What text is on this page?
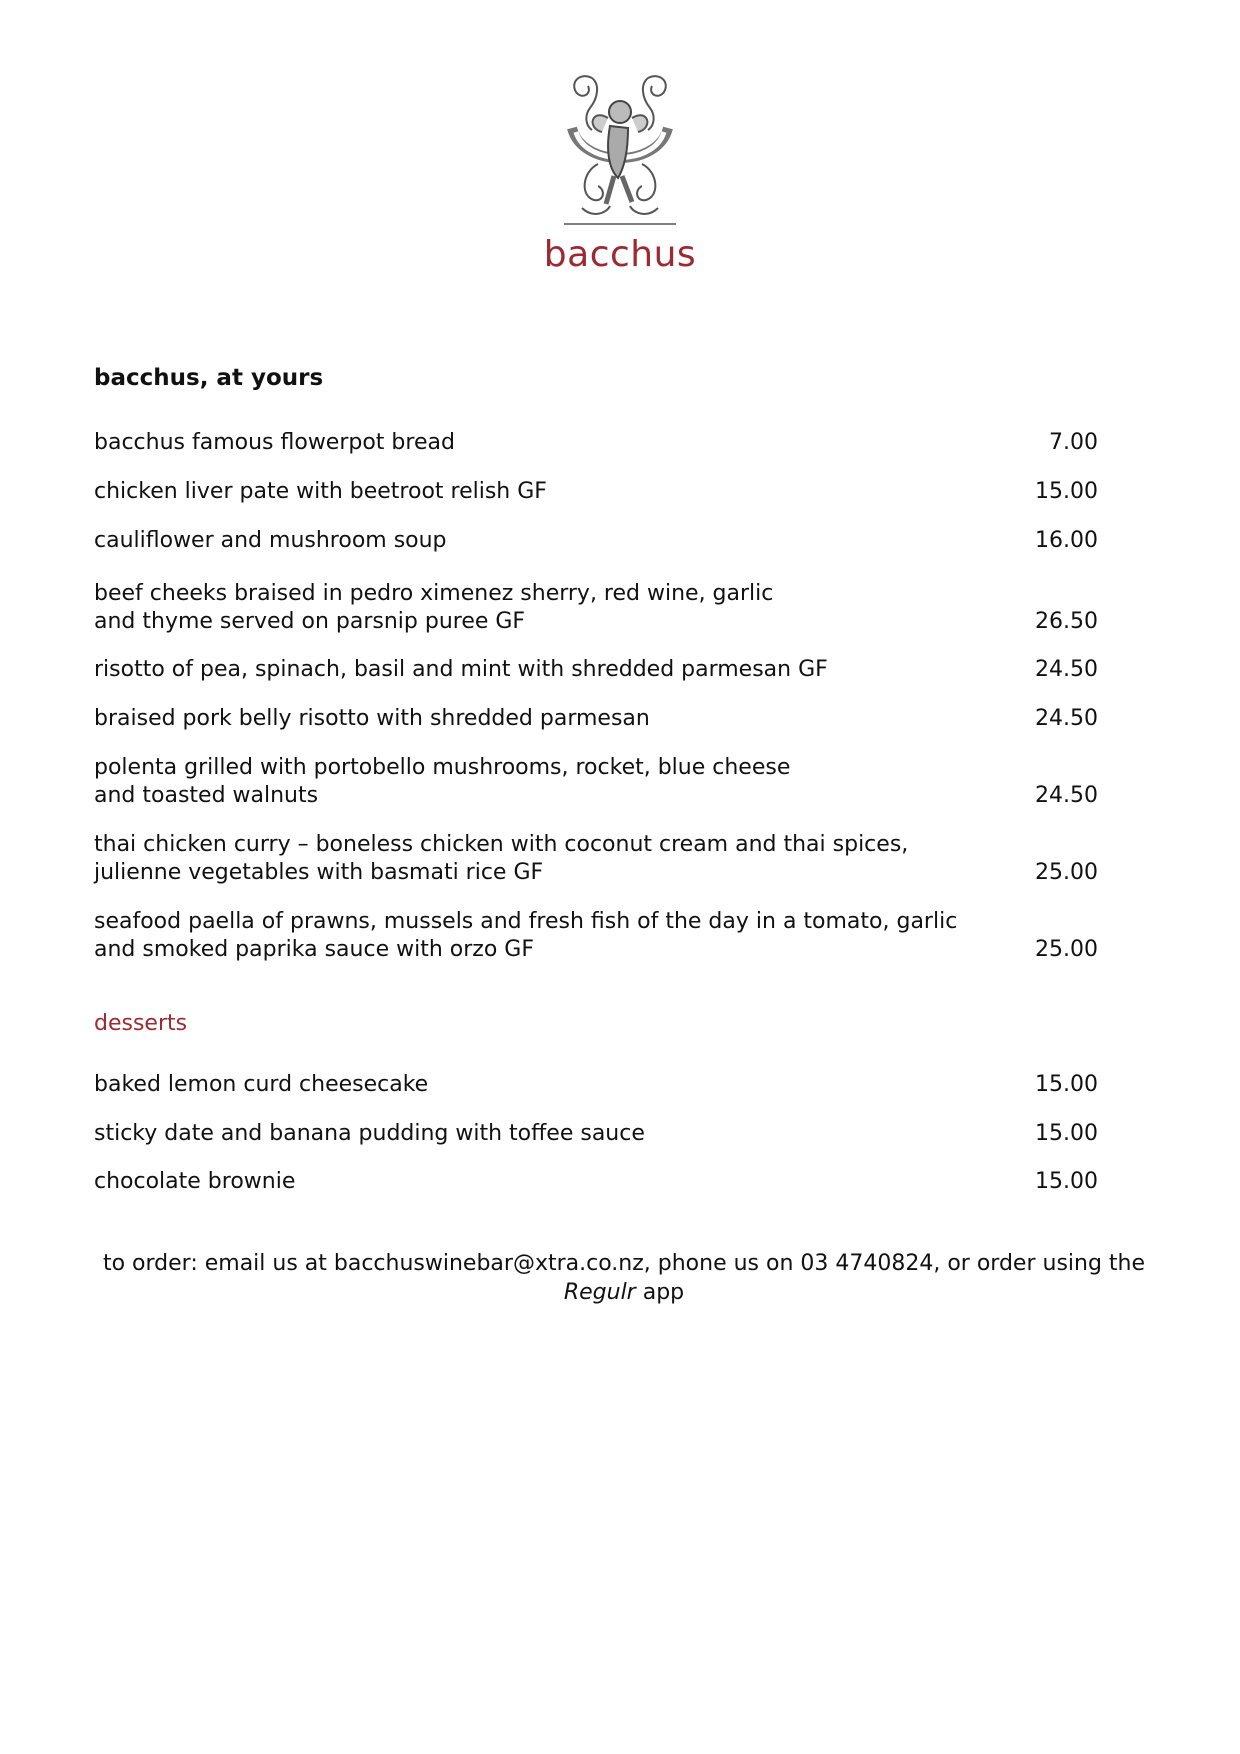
bacchus
bacchus, at yours
bacchus famous flowerpot bread	7.00
chicken liver pate with beetroot relish GF	15.00
cauliflower and mushroom soup	16.00
beef cheeks braised in pedro ximenez sherry, red wine, garlic
and thyme served on parsnip puree GF	26.50
risotto of pea, spinach, basil and mint with shredded parmesan GF	24.50
braised pork belly risotto with shredded parmesan	24.50
polenta grilled with portobello mushrooms, rocket, blue cheese
and toasted walnuts	24.50
thai chicken curry – boneless chicken with coconut cream and thai spices,
julienne vegetables with basmati rice GF	25.00
seafood paella of prawns, mussels and fresh fish of the day in a tomato, garlic
and smoked paprika sauce with orzo GF	25.00
desserts
baked lemon curd cheesecake	15.00
sticky date and banana pudding with toffee sauce	15.00
chocolate brownie	15.00
to order: email us at bacchuswinebar@xtra.co.nz, phone us on 03 4740824, or order using the
Regulr app
